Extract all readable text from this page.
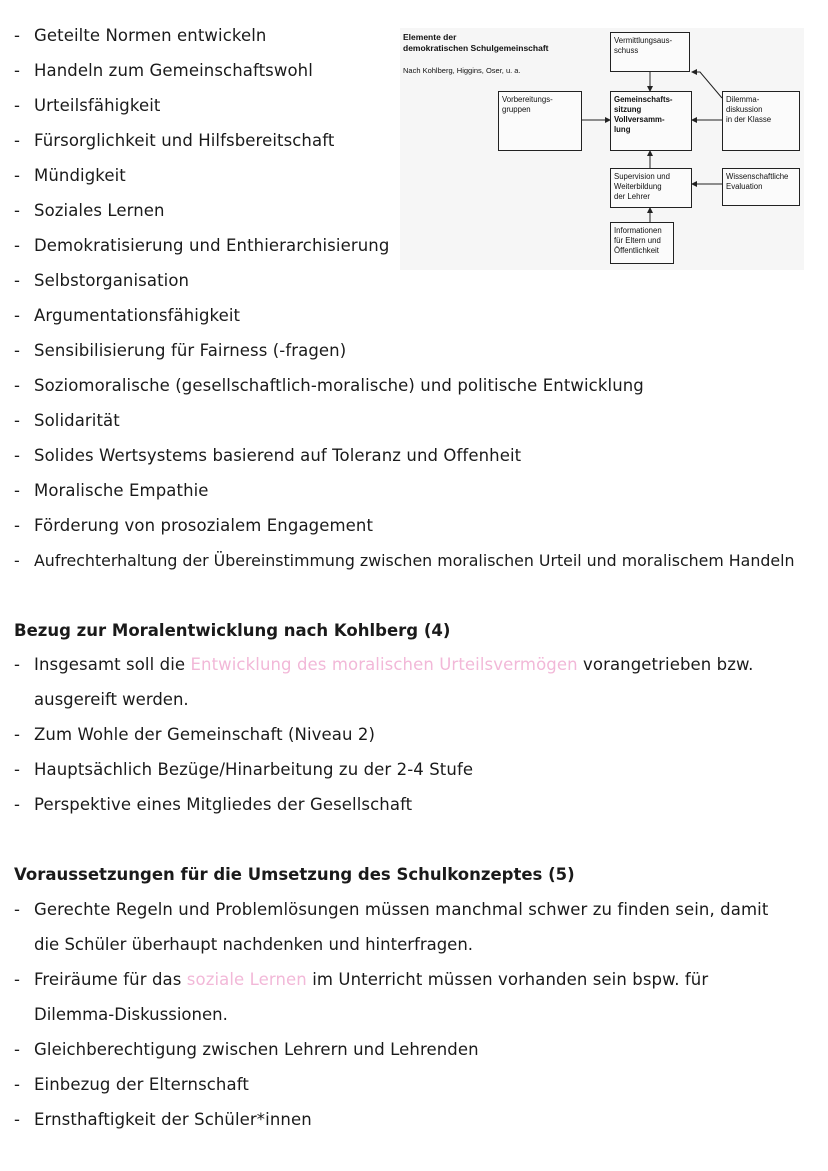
- Geteilte Normen entwickeln
- Handeln zum Gemeinschaftswohl
- Urteilsfähigkeit
- Fürsorglichkeit und Hilfsbereitschaft
- Mündigkeit
- Soziales Lernen
- Demokratisierung und Enthierarchisierung
- Selbstorganisation
- Argumentationsfähigkeit
- Sensibilisierung für Fairness (-fragen)
- Soziomoralische (gesellschaftlich-moralische) und politische Entwicklung
- Solidarität
- Solides Wertsystems basierend auf Toleranz und Offenheit
- Moralische Empathie
- Förderung von prosozialem Engagement
- Aufrechterhaltung der Übereinstimmung zwischen moralischen Urteil und moralischem Handeln
Elemente der
demokratischen Schulgemeinschaft
Nach Kohlberg, Higgins, Oser, u. a.
Vermittlungsaus-
schuss
Vorbereitungs-
gruppen
Gemeinschafts-
sitzung
Vollversamm-
lung
Dilemma-
diskussion
in der Klasse
Supervision und
Weiterbildung
der Lehrer
Wissenschaftliche
Evaluation
Informationen
für Eltern und
Öffentlichkeit
Bezug zur Moralentwicklung nach Kohlberg (4)
- Insgesamt soll die Entwicklung des moralischen Urteilsvermögen vorangetrieben bzw.
ausgereift werden.
- Zum Wohle der Gemeinschaft (Niveau 2)
- Hauptsächlich Bezüge/Hinarbeitung zu der 2-4 Stufe
- Perspektive eines Mitgliedes der Gesellschaft
Voraussetzungen für die Umsetzung des Schulkonzeptes (5)
- Gerechte Regeln und Problemlösungen müssen manchmal schwer zu finden sein, damit
die Schüler überhaupt nachdenken und hinterfragen.
- Freiräume für das soziale Lernen im Unterricht müssen vorhanden sein bspw. für
Dilemma-Diskussionen.
- Gleichberechtigung zwischen Lehrern und Lehrenden
- Einbezug der Elternschaft
- Ernsthaftigkeit der Schüler*innen
